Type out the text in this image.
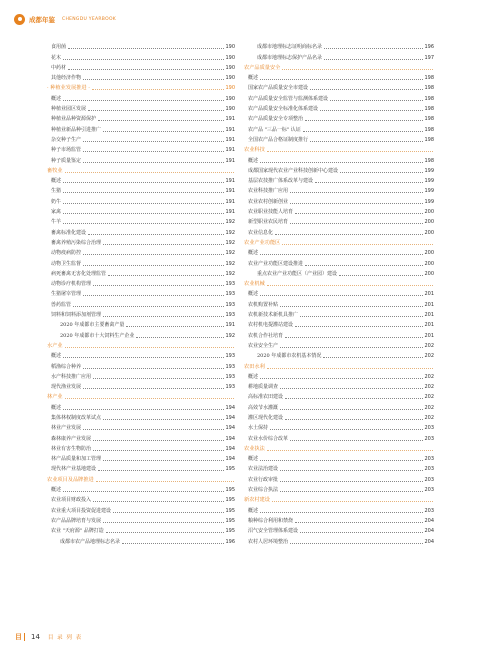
成都年鉴 CHENGDU YEARBOOK
食用菌	190
花木	190
中药材	190
其他经济作物	190
· 种植业发展推进 ·	190
概述	190
种植业园区发展	190
种植业品种资源保护	191
种植业新品种引进推广	191
杂交种子生产	191
种子市场监管	191
种子质量鉴定	191
畜牧业
概述	191
生猪	191
奶牛	191
家禽	191
牛羊	192
畜禽标准化建设	192
畜禽养殖污染综合治理	192
动物疫病防控	192
动物卫生监督	192
病死畜禽无害化处理监管	192
动物诊疗机构管理	193
生猪屠宰管理	193
兽药监管	193
饲料和饲料添加剂管理	193
2020 年成都市主要畜禽产量	191
2020 年成都市十大饲料生产企业	192
水产业
概述	193
稻渔综合种养	193
水产科技推广应用	193
现代渔业发展	193
林产业
概述	194
集体林权制度改革试点	194
林业产业发展	194
森林康养产业发展	194
林业有害生物防治	194
林产品质量和加工管理	194
现代林产业基地建设	195
农业项目及品牌推进
概述	195
农业项目财政投入	195
农业重大项目投资促进建设	195
农产品品牌培育与发展	195
农业 "天府源" 品牌打造	195
成都市农产品地理标志名录	196
成都市地理标志证明商标名录	196
成都市地理标志保护产品名录	197
农产品质量安全
概述	198
国家农产品质量安全市建设	198
农产品质量安全监管与监测体系建设	198
农产品质量安全标准化体系建设	198
农产品质量安全专项整治	198
农产品 "三品一标" 认证	198
全国农产品合格证制度推行	198
农业科技
概述	198
成都国家现代农业产业科技创新中心建设	199
基层农技推广体系改革与建设	199
农业科技推广应用	199
农业农村创新创业	199
农业职业技能人培育	200
新型职业农民培育	200
农业信息化	200
农业产业功能区
概述	200
农业产业功能区建设推进	200
重点农业产业功能区（产业园）建设	200
农业机械
概述	201
农机购置补贴	201
农机新技术新机具推广	201
农村机电提灌站建设	201
农机合作社培育	201
农业安全生产	202
2020 年成都市农机基本情况	202
农田水利
概述	202
耕地质量调查	202
高标准农田建设	202
高效节水灌溉	202
灌区现代化建设	202
水土保持	203
农业水价综合改革	203
农业执法
概述	203
农业法治建设	203
农业行政审批	203
农业综合执法	203
新农村建设
概述	203
粮种综合利用和禁烧	204
沼气安全管理体系建设	204
农村人居环境整治	204
目 14 目 录 列 表
